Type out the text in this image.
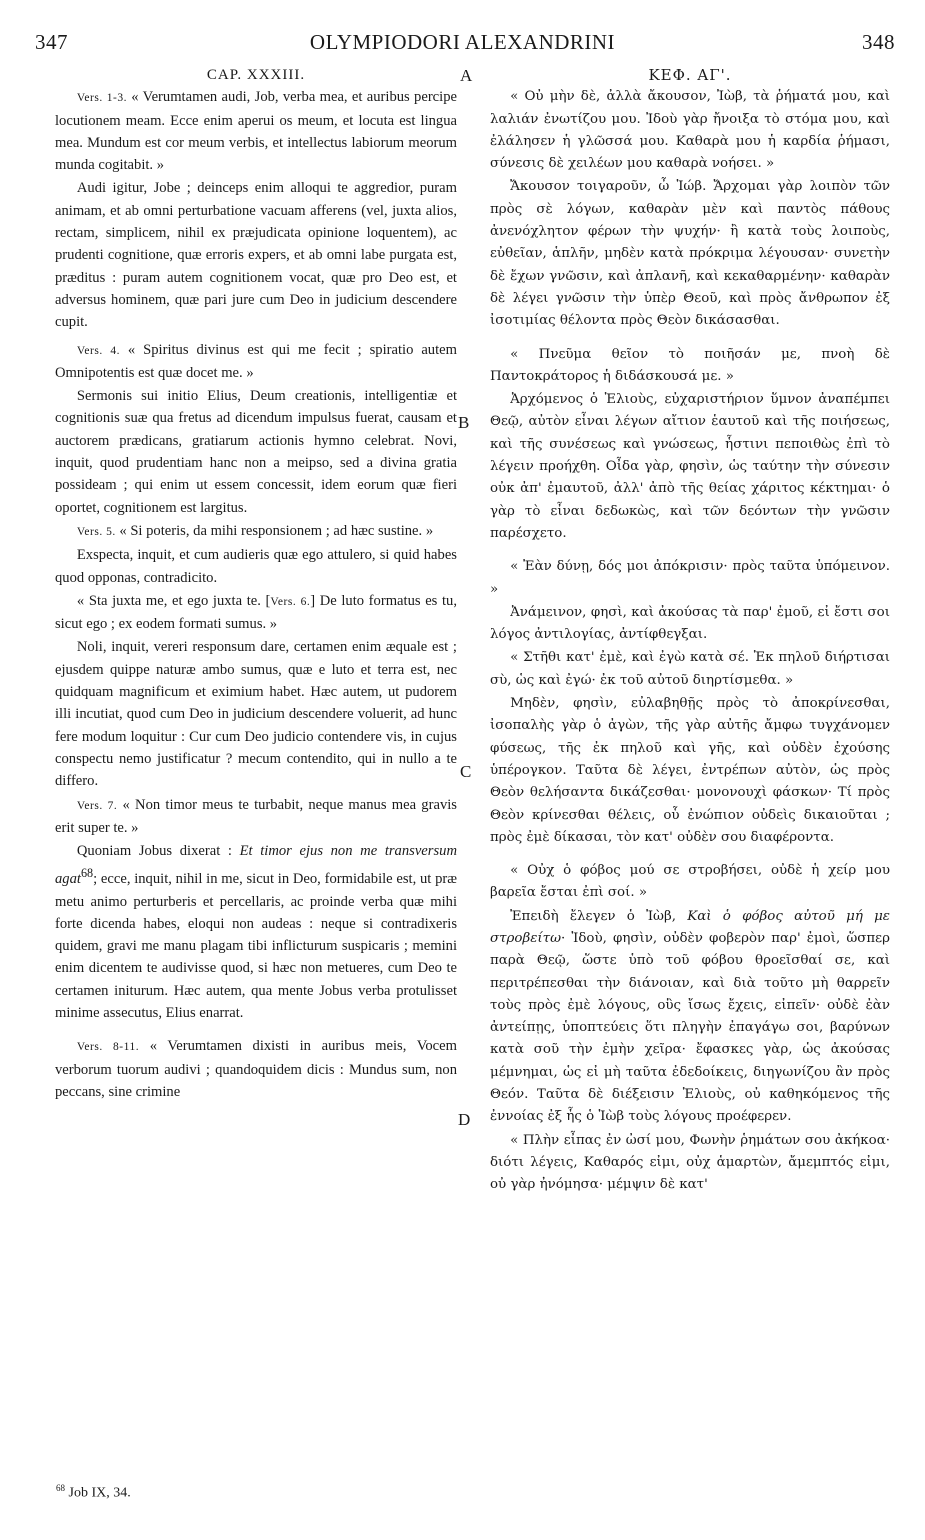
347	OLYMPIODORI ALEXANDRINI	348
CAP. XXXIII.

Vers. 1-3. « Verumtamen audi, Job, verba mea, et auribus percipe locutionem meam. Ecce enim aperui os meum, et locuta est lingua mea. Mundum est cor meum verbis, et intellectus labiorum meorum munda cogitabit. »

Audi igitur, Jobe ; deinceps enim alloqui te aggredior, puram animam, et ab omni perturbatione vacuam afferens (vel, juxta alios, rectam, simplicem, nihil ex præjudicata opinione loquentem), ac prudenti cognitione, quæ erroris expers, et ab omni labe purgata est, præditus : puram autem cognitionem vocat, quæ pro Deo est, et adversus hominem, quæ pari jure cum Deo in judicium descendere cupit.

Vers. 4. « Spiritus divinus est qui me fecit ; spiratio autem Omnipotentis est quæ docet me. »

Sermonis sui initio Elius, Deum creationis, intelligentiæ et cognitionis suæ qua fretus ad dicendum impulsus fuerat, causam et auctorem prædicans, gratiarum actionis hymno celebrat. Novi, inquit, quod prudentiam hanc non a meipso, sed a divina gratia possideam ; qui enim ut essem concessit, idem eorum quæ fieri oportet, cognitionem est largitus.

Vers. 5. « Si poteris, da mihi responsionem ; ad hæc sustine. »

Exspecta, inquit, et cum audieris quæ ego attulero, si quid habes quod opponas, contradicito.

« Sta juxta me, et ego juxta te. [Vers. 6.] De luto formatus es tu, sicut ego ; ex eodem formati sumus. »

Noli, inquit, vereri responsum dare, certamen enim æquale est ; ejusdem quippe naturæ ambo sumus, quæ e luto et terra est, nec quidquam magnificum et eximium habet. Hæc autem, ut pudorem illi incutiat, quod cum Deo in judicium descendere voluerit, ad hunc fere modum loquitur : Cur cum Deo judicio contendere vis, in cujus conspectu nemo justificatur ? mecum contendito, qui in nullo a te differo.

Vers. 7. « Non timor meus te turbabit, neque manus mea gravis erit super te. »

Quoniam Jobus dixerat : Et timor ejus non me transversum agat$^{68}$; ecce, inquit, nihil in me, sicut in Deo, formidabile est, ut præ metu animo perturberis et percellaris, ac proinde verba quæ mihi forte dicenda habes, eloqui non audeas : neque si contradixeris quidem, gravi me manu plagam tibi inflicturum suspicaris ; memini enim dicentem te audivisse quod, si hæc non metueres, cum Deo te certamen initurum. Hæc autem, qua mente Jobus verba protulisset minime assecutus, Elius enarrat.

Vers. 8-11. « Verumtamen dixisti in auribus meis, Vocem verborum tuorum audivi ; quandoquidem dicis : Mundus sum, non peccans, sine crimine

ΚΕΦ. ΑΓ'.

« Οὐ μὴν δὲ, ἀλλὰ ἄκουσον, Ἰὼβ, τὰ ῥήματά μου, καὶ λαλιάν ἐνωτίζου μου. Ἰδοὺ γὰρ ἤνοιξα τὸ στόμα μου, καὶ ἐλάλησεν ἡ γλῶσσά μου. Καθαρὰ μου ἡ καρδία ῥήμασι, σύνεσις δὲ χειλέων μου καθαρὰ νοήσει. »

Ἄκουσον τοιγαροῦν, ὦ Ἰώβ. Ἄρχομαι γὰρ λοιπὸν τῶν πρὸς σὲ λόγων, καθαρὰν μὲν καὶ παντὸς πάθους ἀνενόχλητον φέρων τὴν ψυχήν· ἢ κατὰ τοὺς λοιποὺς, εὐθεῖαν, ἁπλῆν, μηδὲν κατὰ πρόκριμα λέγουσαν· συνετὴν δὲ ἔχων γνῶσιν, καὶ ἀπλανῆ, καὶ κεκαθαρμένην· καθαρὰν δὲ λέγει γνῶσιν τὴν ὑπὲρ Θεοῦ, καὶ πρὸς ἄνθρωπον ἐξ ἰσοτιμίας θέλοντα πρὸς Θεὸν δικάσασθαι.

« Πνεῦμα θεῖον τὸ ποιῆσάν με, πνοὴ δὲ Παντοκράτορος ἡ διδάσκουσά με. »

Ἀρχόμενος ὁ Ἐλιοὺς, εὐχαριστήριον ὕμνον ἀναπέμπει Θεῷ, αὐτὸν εἶναι λέγων αἴτιον ἑαυτοῦ καὶ τῆς ποιήσεως, καὶ τῆς συνέσεως καὶ γνώσεως, ἧστινι πεποιθὼς ἐπὶ τὸ λέγειν προήχθη. Οἶδα γὰρ, φησὶν, ὡς ταύτην τὴν σύνεσιν οὐκ ἀπ' ἐμαυτοῦ, ἀλλ' ἀπὸ τῆς θείας χάριτος κέκτημαι· ὁ γὰρ τὸ εἶναι δεδωκὼς, καὶ τῶν δεόντων τὴν γνῶσιν παρέσχετο.

« Ἐὰν δύνῃ, δός μοι ἀπόκρισιν· πρὸς ταῦτα ὑπόμεινον. »

Ἀνάμεινον, φησὶ, καὶ ἀκούσας τὰ παρ' ἐμοῦ, εἰ ἔστι σοι λόγος ἀντιλογίας, ἀντίφθεγξαι.

« Στῆθι κατ' ἐμὲ, καὶ ἐγὼ κατὰ σέ. Ἐκ πηλοῦ διήρτισαι σὺ, ὡς καὶ ἐγώ· ἐκ τοῦ αὐτοῦ διηρτίσμεθα. »

Μηδὲν, φησὶν, εὐλαβηθῇς πρὸς τὸ ἀποκρίνεσθαι, ἰσοπαλὴς γὰρ ὁ ἀγὼν, τῆς γὰρ αὐτῆς ἄμφω τυγχάνομεν φύσεως, τῆς ἐκ πηλοῦ καὶ γῆς, καὶ οὐδὲν ἐχούσης ὑπέρογκον. Ταῦτα δὲ λέγει, ἐντρέπων αὐτὸν, ὡς πρὸς Θεὸν θελήσαντα δικάζεσθαι· μονονουχὶ φάσκων· Τί πρὸς Θεὸν κρίνεσθαι θέλεις, οὗ ἐνώπιον οὐδεὶς δικαιοῦται ; πρὸς ἐμὲ δίκασαι, τὸν κατ' οὐδὲν σου διαφέροντα.

« Οὐχ ὁ φόβος μού σε στροβήσει, οὐδὲ ἡ χείρ μου βαρεῖα ἔσται ἐπὶ σοί. »

Ἐπειδὴ ἔλεγεν ὁ Ἰὼβ, Καὶ ὁ φόβος αὐτοῦ μή με στροβείτω· Ἰδοὺ, φησὶν, οὐδὲν φοβερὸν παρ' ἐμοὶ, ὥσπερ παρὰ Θεῷ, ὥστε ὑπὸ τοῦ φόβου θροεῖσθαί σε, καὶ περιτρέπεσθαι τὴν διάνοιαν, καὶ διὰ τοῦτο μὴ θαρρεῖν τοὺς πρὸς ἐμὲ λόγους, οὓς ἴσως ἔχεις, εἰπεῖν· οὐδὲ ἐὰν ἀντείπῃς, ὑποπτεύεις ὅτι πληγὴν ἐπαγάγω σοι, βαρύνων κατὰ σοῦ τὴν ἐμὴν χεῖρα· ἔφασκες γὰρ, ὡς ἀκούσας μέμνημαι, ὡς εἰ μὴ ταῦτα ἐδεδοίκεις, διηγωνίζου ἂν πρὸς Θεόν. Ταῦτα δὲ διέξεισιν Ἐλιοὺς, οὐ καθηκόμενος τῆς ἐννοίας ἐξ ἧς ὁ Ἰὼβ τοὺς λόγους προέφερεν.

« Πλὴν εἶπας ἐν ὠσί μου, Φωνὴν ῥημάτων σου ἀκήκοα· διότι λέγεις, Καθαρός εἰμι, οὐχ ἁμαρτὼν, ἄμεμπτός εἰμι, οὐ γὰρ ἠνόμησα· μέμψιν δὲ κατ'

A
B
C
D
$^{68}$ Job IX, 34.
